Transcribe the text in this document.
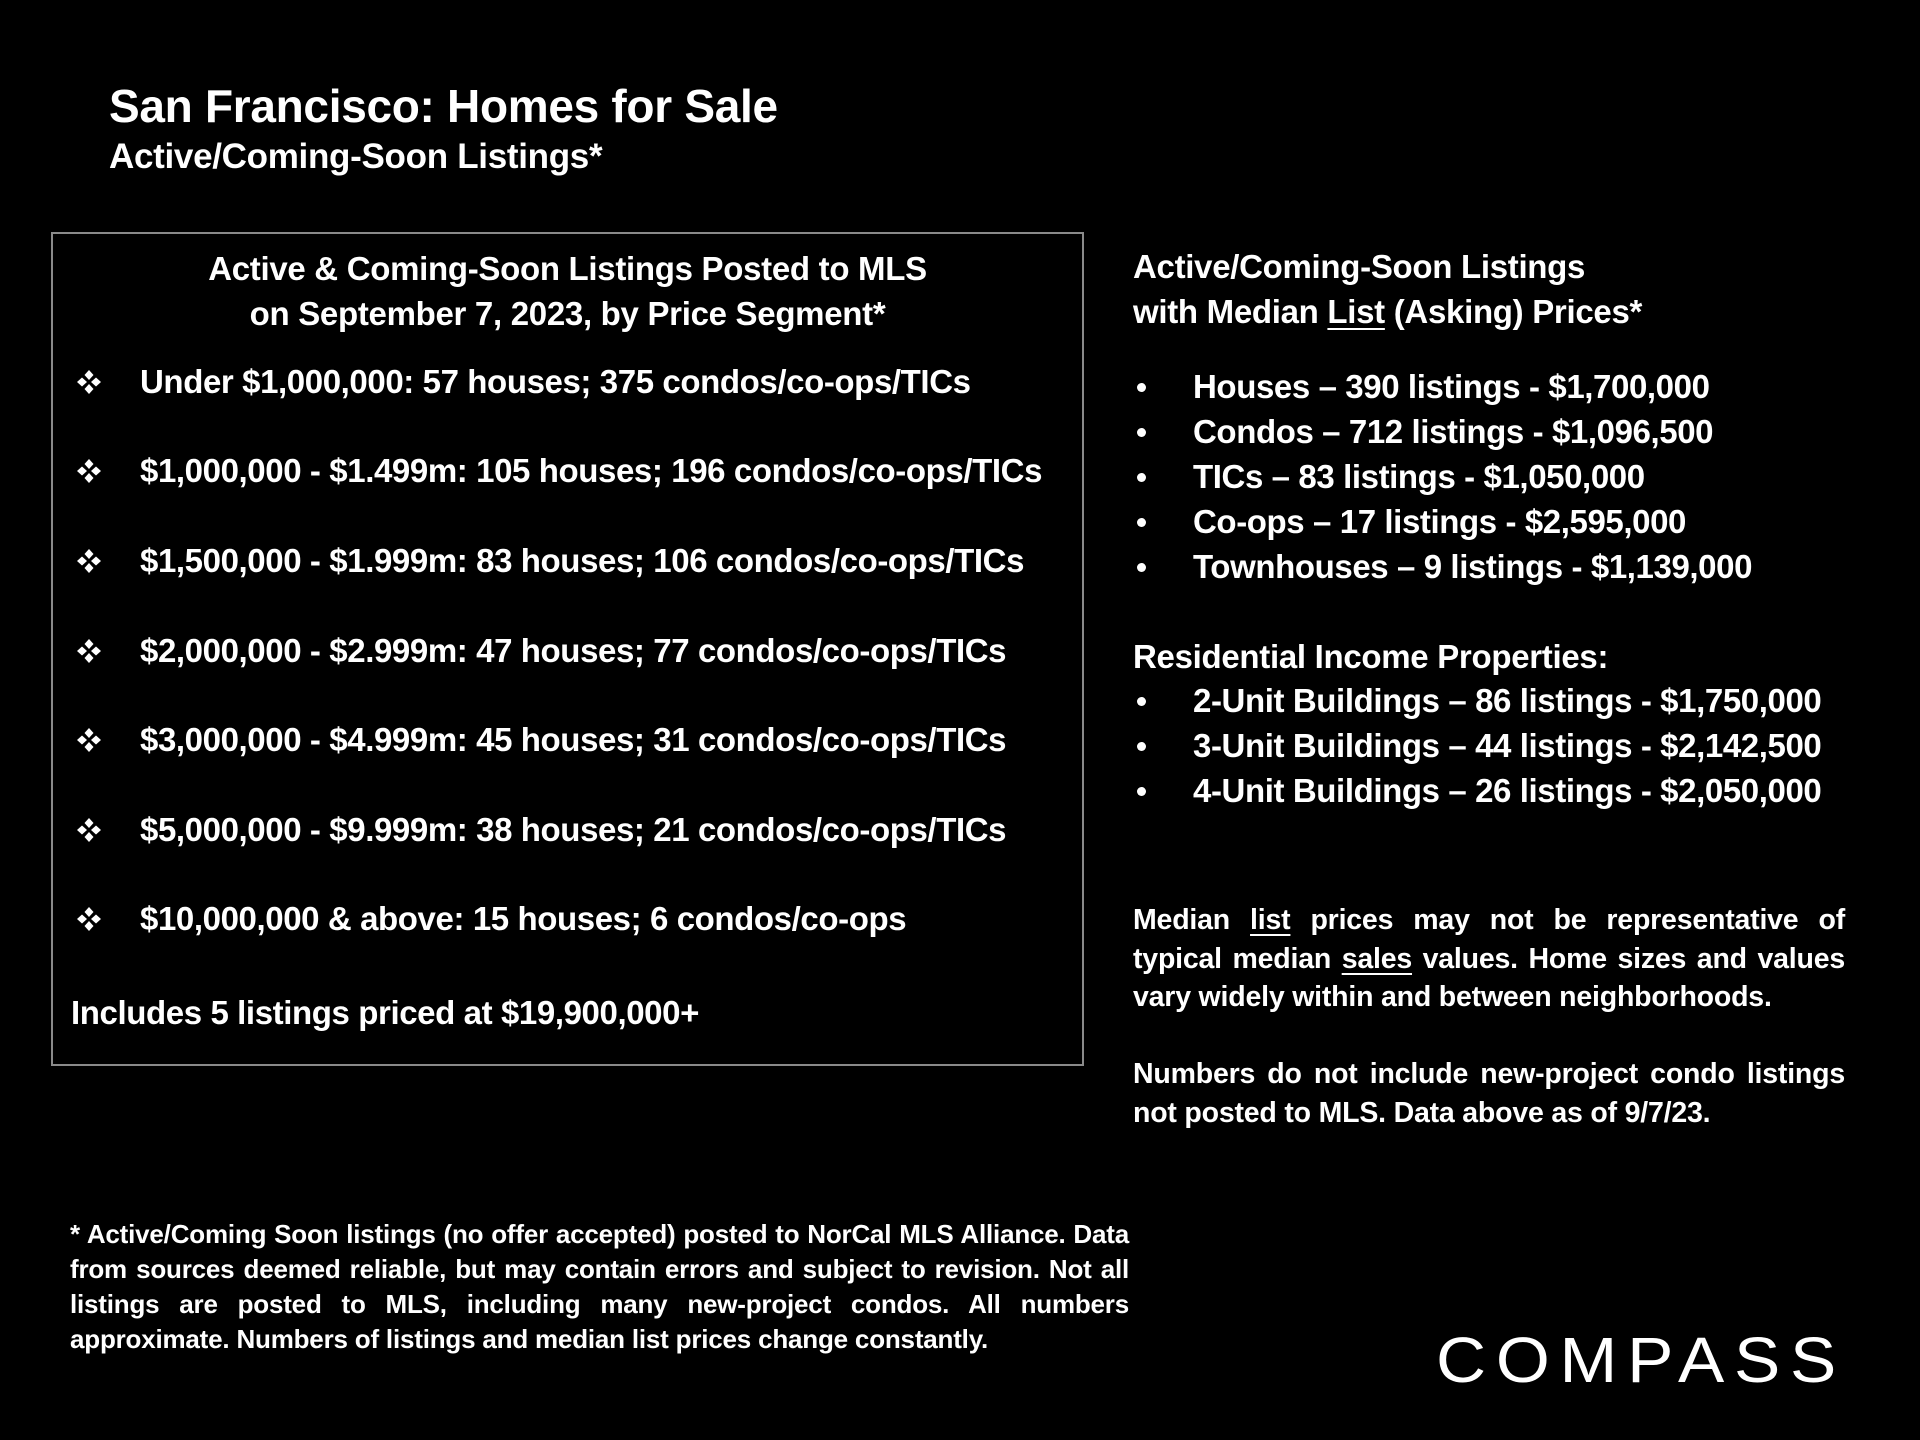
San Francisco: Homes for Sale
Active/Coming-Soon Listings*
Active & Coming-Soon Listings Posted to MLS
on September 7, 2023, by Price Segment*
Under $1,000,000: 57 houses; 375 condos/co-ops/TICs
$1,000,000 - $1.499m: 105 houses; 196 condos/co-ops/TICs
$1,500,000 - $1.999m: 83 houses; 106 condos/co-ops/TICs
$2,000,000 - $2.999m: 47 houses; 77 condos/co-ops/TICs
$3,000,000 - $4.999m: 45 houses; 31 condos/co-ops/TICs
$5,000,000 - $9.999m: 38 houses; 21 condos/co-ops/TICs
$10,000,000 & above: 15 houses; 6 condos/co-ops
Includes 5 listings priced at $19,900,000+
Active/Coming-Soon Listings
with Median List (Asking) Prices*
Houses – 390 listings - $1,700,000
Condos – 712 listings - $1,096,500
TICs – 83 listings - $1,050,000
Co-ops – 17 listings - $2,595,000
Townhouses – 9 listings - $1,139,000
Residential Income Properties:
2-Unit Buildings – 86 listings - $1,750,000
3-Unit Buildings – 44 listings - $2,142,500
4-Unit Buildings – 26 listings - $2,050,000
Median list prices may not be representative of typical median sales values. Home sizes and values vary widely within and between neighborhoods.
Numbers do not include new-project condo listings not posted to MLS. Data above as of 9/7/23.
* Active/Coming Soon listings (no offer accepted) posted to NorCal MLS Alliance. Data from sources deemed reliable, but may contain errors and subject to revision. Not all listings are posted to MLS, including many new-project condos. All numbers approximate. Numbers of listings and median list prices change constantly.	COMPASS
